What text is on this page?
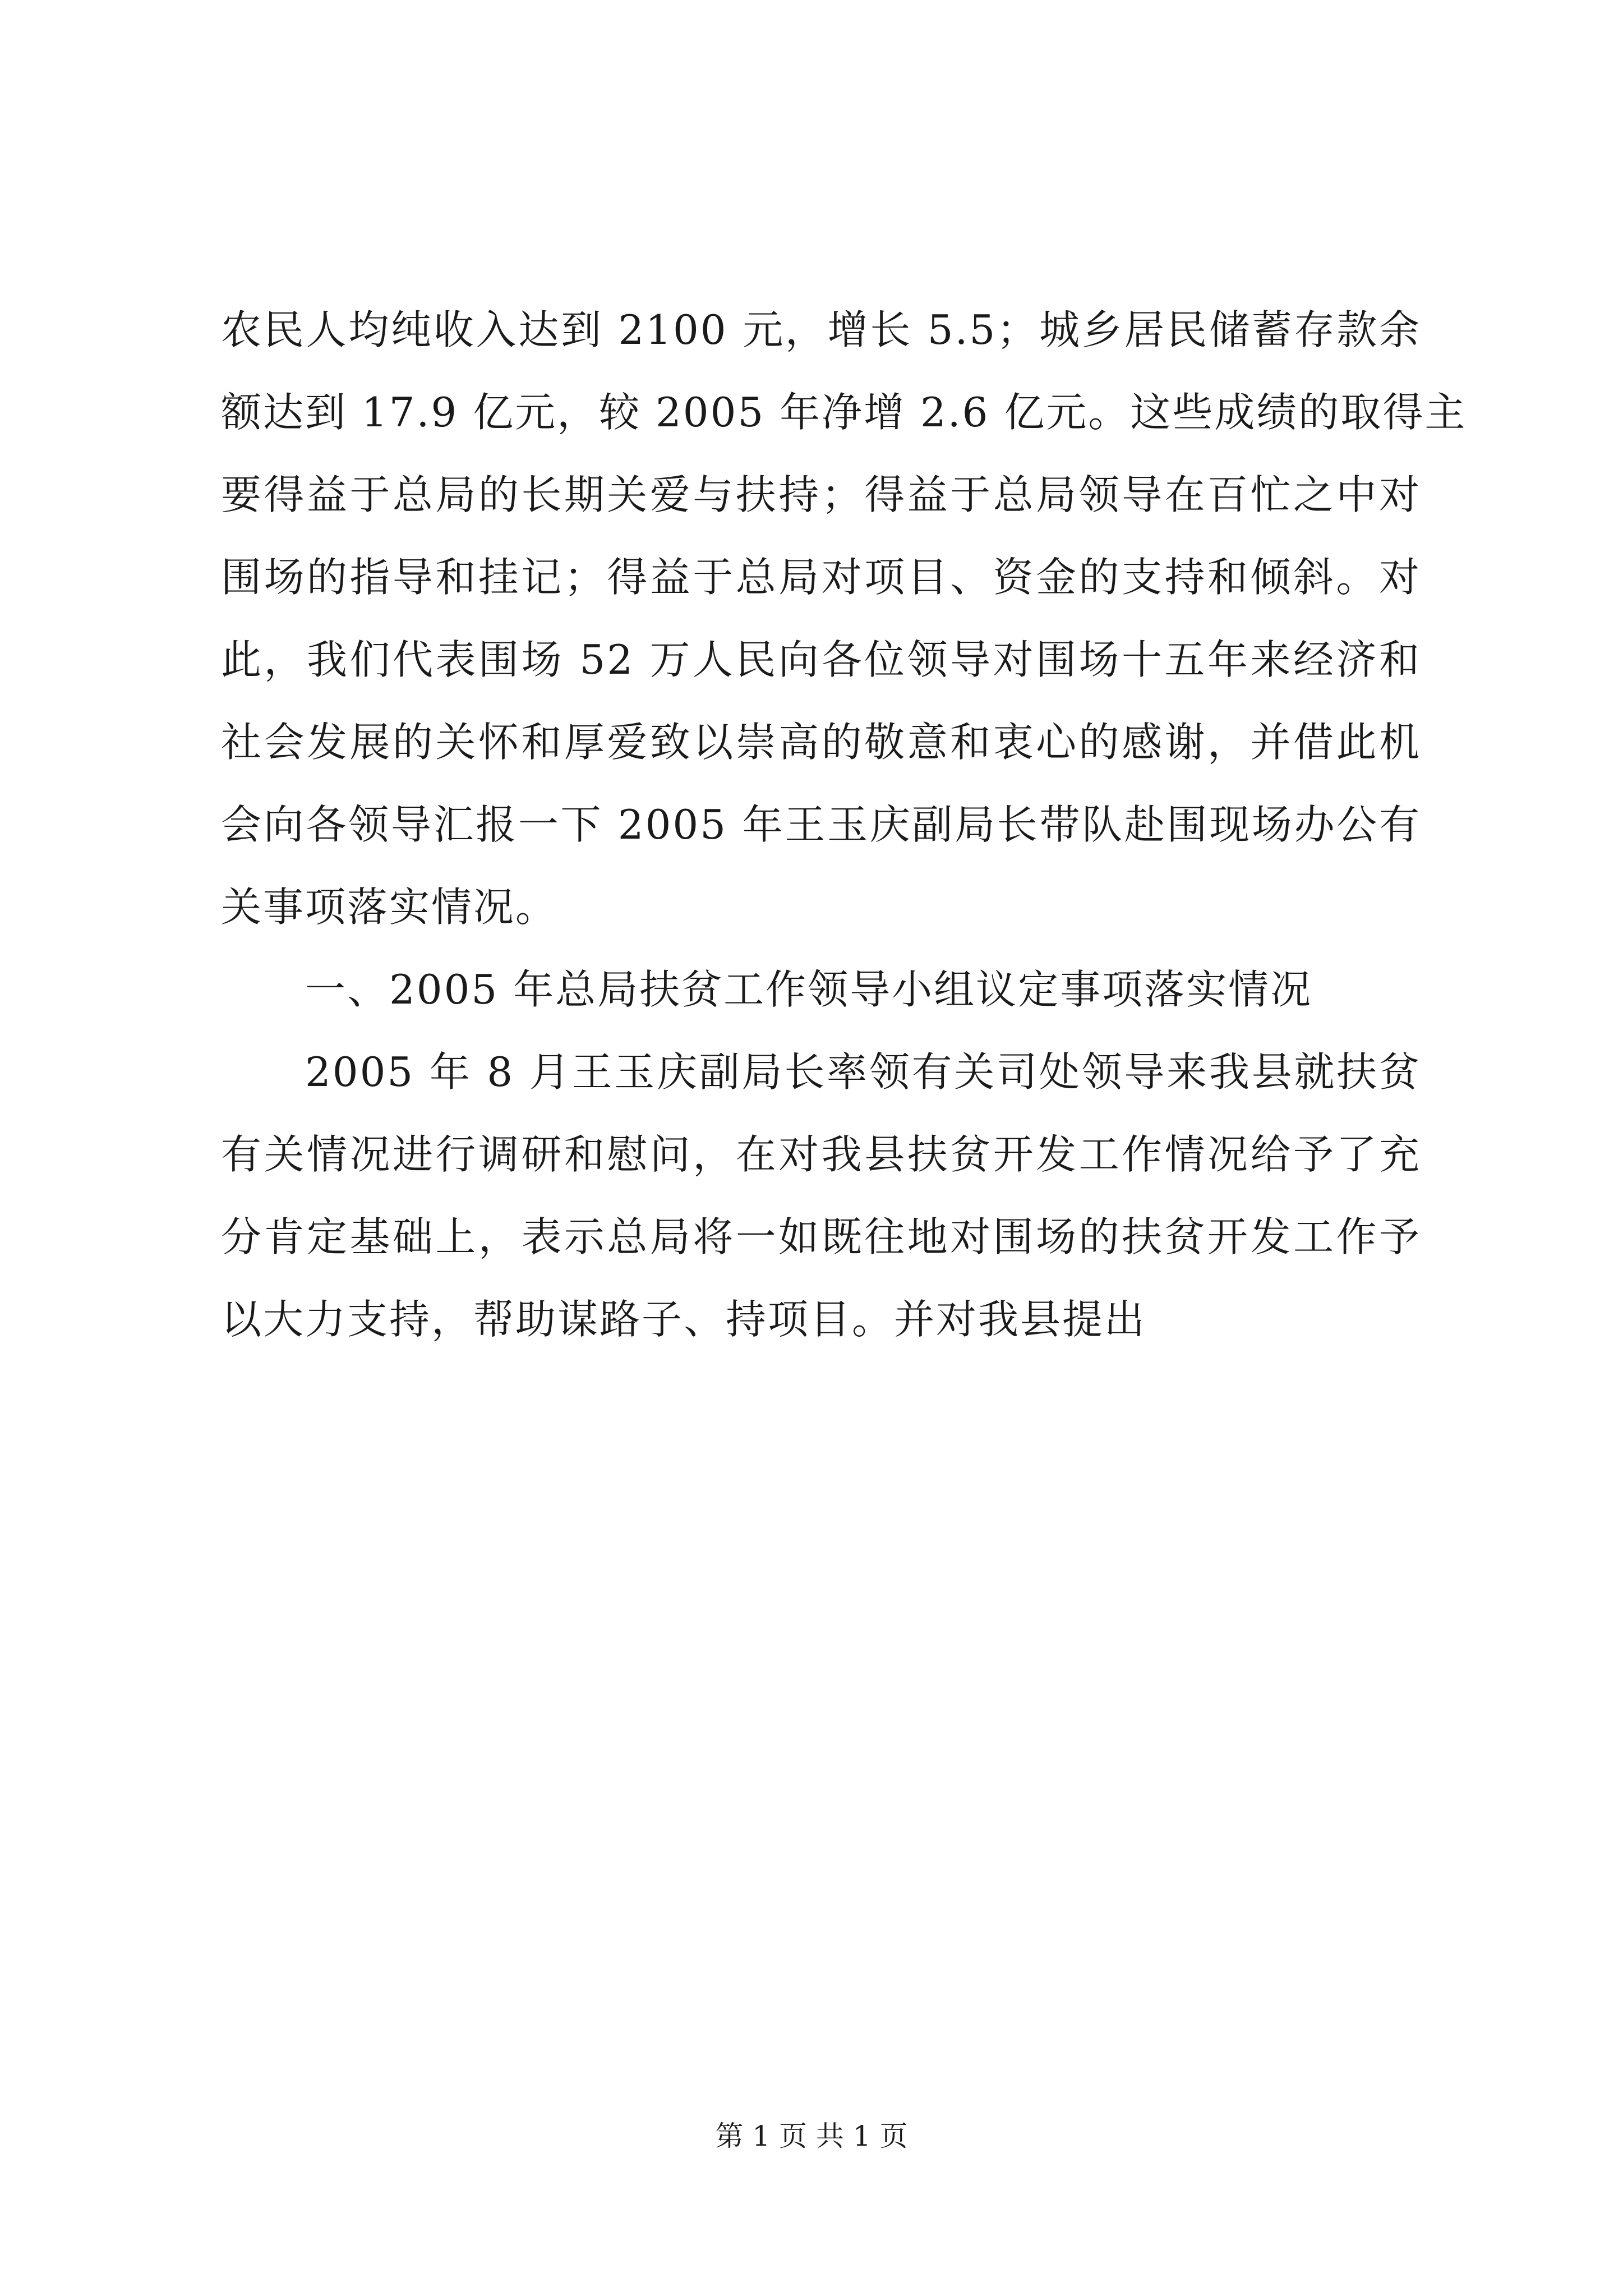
农民人均纯收入达到 2100 元，增长 5.5；城乡居民储蓄存款余
额达到 17.9 亿元，较 2005 年净增 2.6 亿元。这些成绩的取得主
要得益于总局的长期关爱与扶持；得益于总局领导在百忙之中对
围场的指导和挂记；得益于总局对项目、资金的支持和倾斜。对
此，我们代表围场 52 万人民向各位领导对围场十五年来经济和
社会发展的关怀和厚爱致以崇高的敬意和衷心的感谢，并借此机
会向各领导汇报一下 2005 年王玉庆副局长带队赴围现场办公有
关事项落实情况。
一、2005 年总局扶贫工作领导小组议定事项落实情况
2005 年 8 月王玉庆副局长率领有关司处领导来我县就扶贫
有关情况进行调研和慰问，在对我县扶贫开发工作情况给予了充
分肯定基础上，表示总局将一如既往地对围场的扶贫开发工作予
以大力支持，帮助谋路子、持项目。并对我县提出
第 1 页 共 1 页
